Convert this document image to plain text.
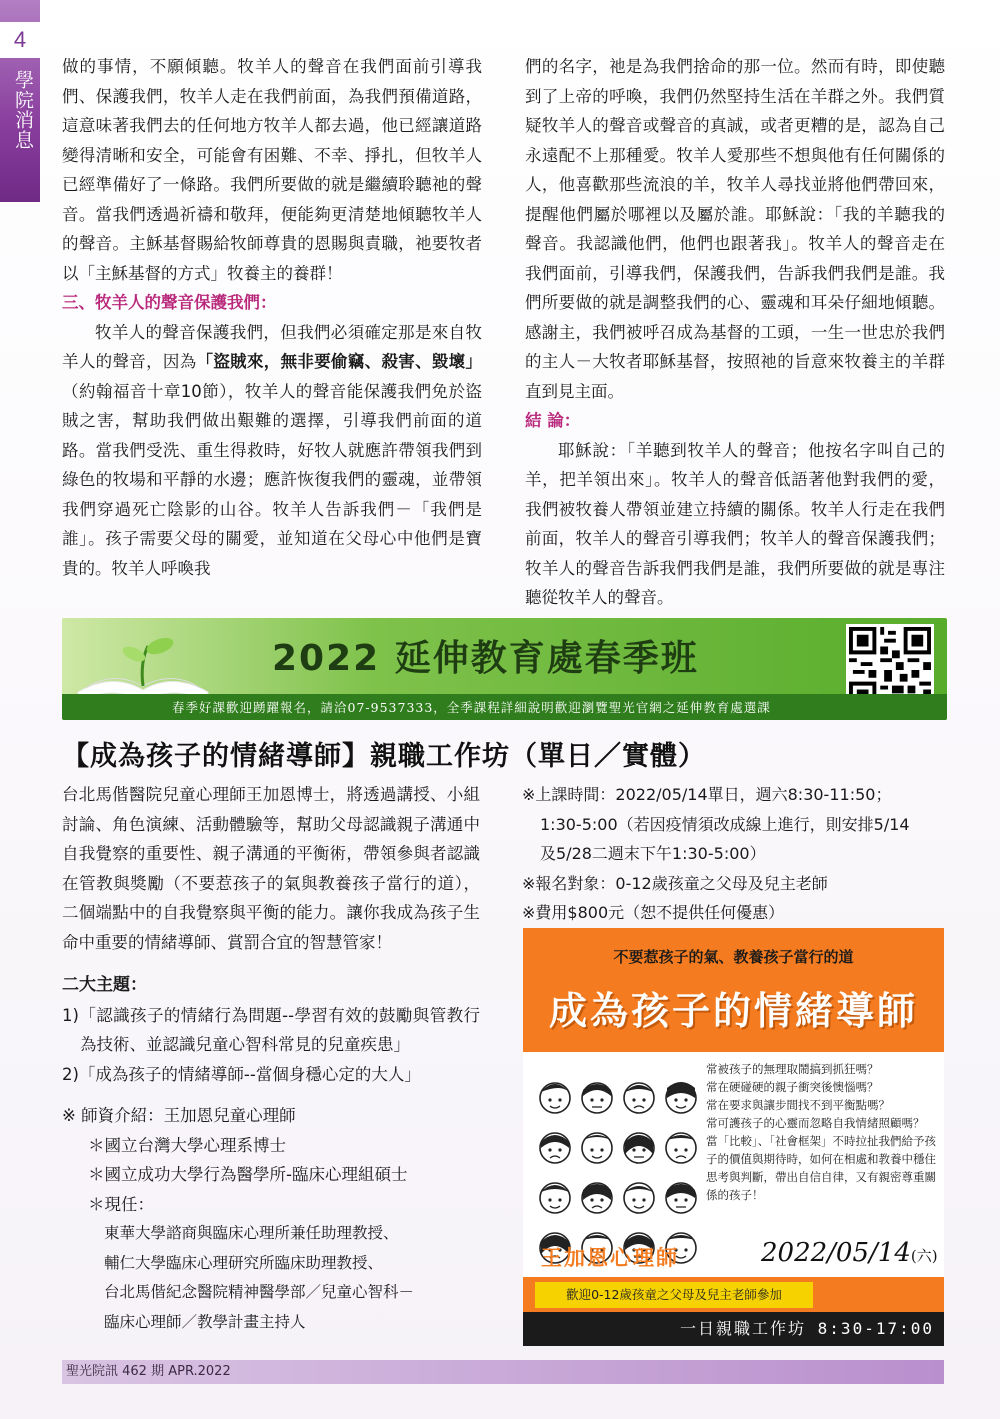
4
學院消息

做的事情，不願傾聽。牧羊人的聲音在我們面前引導我們、保護我們，牧羊人走在我們前面，為我們預備道路，這意味著我們去的任何地方牧羊人都去過，他已經讓道路變得清晰和安全，可能會有困難、不幸、掙扎，但牧羊人已經準備好了一條路。我們所要做的就是繼續聆聽祂的聲音。當我們透過祈禱和敬拜，便能夠更清楚地傾聽牧羊人的聲音。主穌基督賜給牧師尊貴的恩賜與責職，祂要牧者以「主穌基督的方式」牧養主的養群！

三、牧羊人的聲音保護我們：

牧羊人的聲音保護我們，但我們必須確定那是來自牧羊人的聲音，因為「盜賊來，無非要偷竊、殺害、毀壞」（約翰福音十章10節），牧羊人的聲音能保護我們免於盜賊之害，幫助我們做出艱難的選擇，引導我們前面的道路。當我們受洗、重生得救時，好牧人就應許帶領我們到綠色的牧場和平靜的水邊；應許恢復我們的靈魂，並帶領我們穿過死亡陰影的山谷。牧羊人告訴我們－「我們是誰」。孩子需要父母的關愛，並知道在父母心中他們是寶貴的。牧羊人呼喚我

們的名字，祂是為我們捨命的那一位。然而有時，即使聽到了上帝的呼喚，我們仍然堅持生活在羊群之外。我們質疑牧羊人的聲音或聲音的真誠，或者更糟的是，認為自己永遠配不上那種愛。牧羊人愛那些不想與他有任何關係的人，他喜歡那些流浪的羊，牧羊人尋找並將他們帶回來，提醒他們屬於哪裡以及屬於誰。耶穌說：「我的羊聽我的聲音。我認識他們，他們也跟著我」。牧羊人的聲音走在我們面前，引導我們，保護我們，告訴我們我們是誰。我們所要做的就是調整我們的心、靈魂和耳朵仔細地傾聽。感謝主，我們被呼召成為基督的工頭，一生一世忠於我們的主人－大牧者耶穌基督，按照祂的旨意來牧養主的羊群直到見主面。

結 論：

耶穌說：「羊聽到牧羊人的聲音；他按名字叫自己的羊，把羊領出來」。牧羊人的聲音低語著他對我們的愛，我們被牧養人帶領並建立持續的關係。牧羊人行走在我們前面，牧羊人的聲音引導我們；牧羊人的聲音保護我們；牧羊人的聲音告訴我們我們是誰，我們所要做的就是專注聽從牧羊人的聲音。

2022 延伸教育處春季班
春季好課歡迎踴躍報名，請洽07-9537333，全季課程詳細說明歡迎瀏覽聖光官網之延伸教育處選課
【成為孩子的情緒導師】親職工作坊（單日／實體）

台北馬偕醫院兒童心理師王加恩博士，將透過講授、小組討論、角色演練、活動體驗等，幫助父母認識親子溝通中自我覺察的重要性、親子溝通的平衡術，帶領參與者認識在管教與獎勵（不要惹孩子的氣與教養孩子當行的道），二個端點中的自我覺察與平衡的能力。讓你我成為孩子生命中重要的情緒導師、賞罰合宜的智慧管家！

二大主題：

1)「認識孩子的情緒行為問題--學習有效的鼓勵與管教行為技術、並認識兒童心智科常見的兒童疾患」

2)「成為孩子的情緒導師--當個身穩心定的大人」

※ 師資介紹：王加恩兒童心理師

＊國立台灣大學心理系博士

＊國立成功大學行為醫學所-臨床心理組碩士

＊現任：

東華大學諮商與臨床心理所兼任助理教授、

輔仁大學臨床心理研究所臨床助理教授、

台北馬偕紀念醫院精神醫學部／兒童心智科－

臨床心理師／教學計畫主持人

※上課時間：2022/05/14單日，週六8:30-11:50；

1:30-5:00（若因疫情須改成線上進行，則安排5/14

及5/28二週末下午1:30-5:00）

※報名對象：0-12歲孩童之父母及兒主老師

※費用$800元（恕不提供任何優惠）

不要惹孩子的氣、教養孩子當行的道
成為孩子的情緒導師

常被孩子的無理取鬧搞到抓狂嗎？

常在硬碰硬的親子衝突後懊惱嗎？

常在要求與讓步間找不到平衡點嗎？

常可護孩子的心靈而忽略自我情緒照顧嗎？

當「比較」、「社會框架」不時拉扯我們給予孩子的價值與期待時，如何在相處和教養中穩住思考與判斷，帶出自信自律，又有親密尊重關係的孩子！

王加恩心理師	2022/05/14(六)
歡迎0-12歲孩童之父母及兒主老師參加
一日親職工作坊 8:30-17:00
聖光院訊 462 期 APR.2022
